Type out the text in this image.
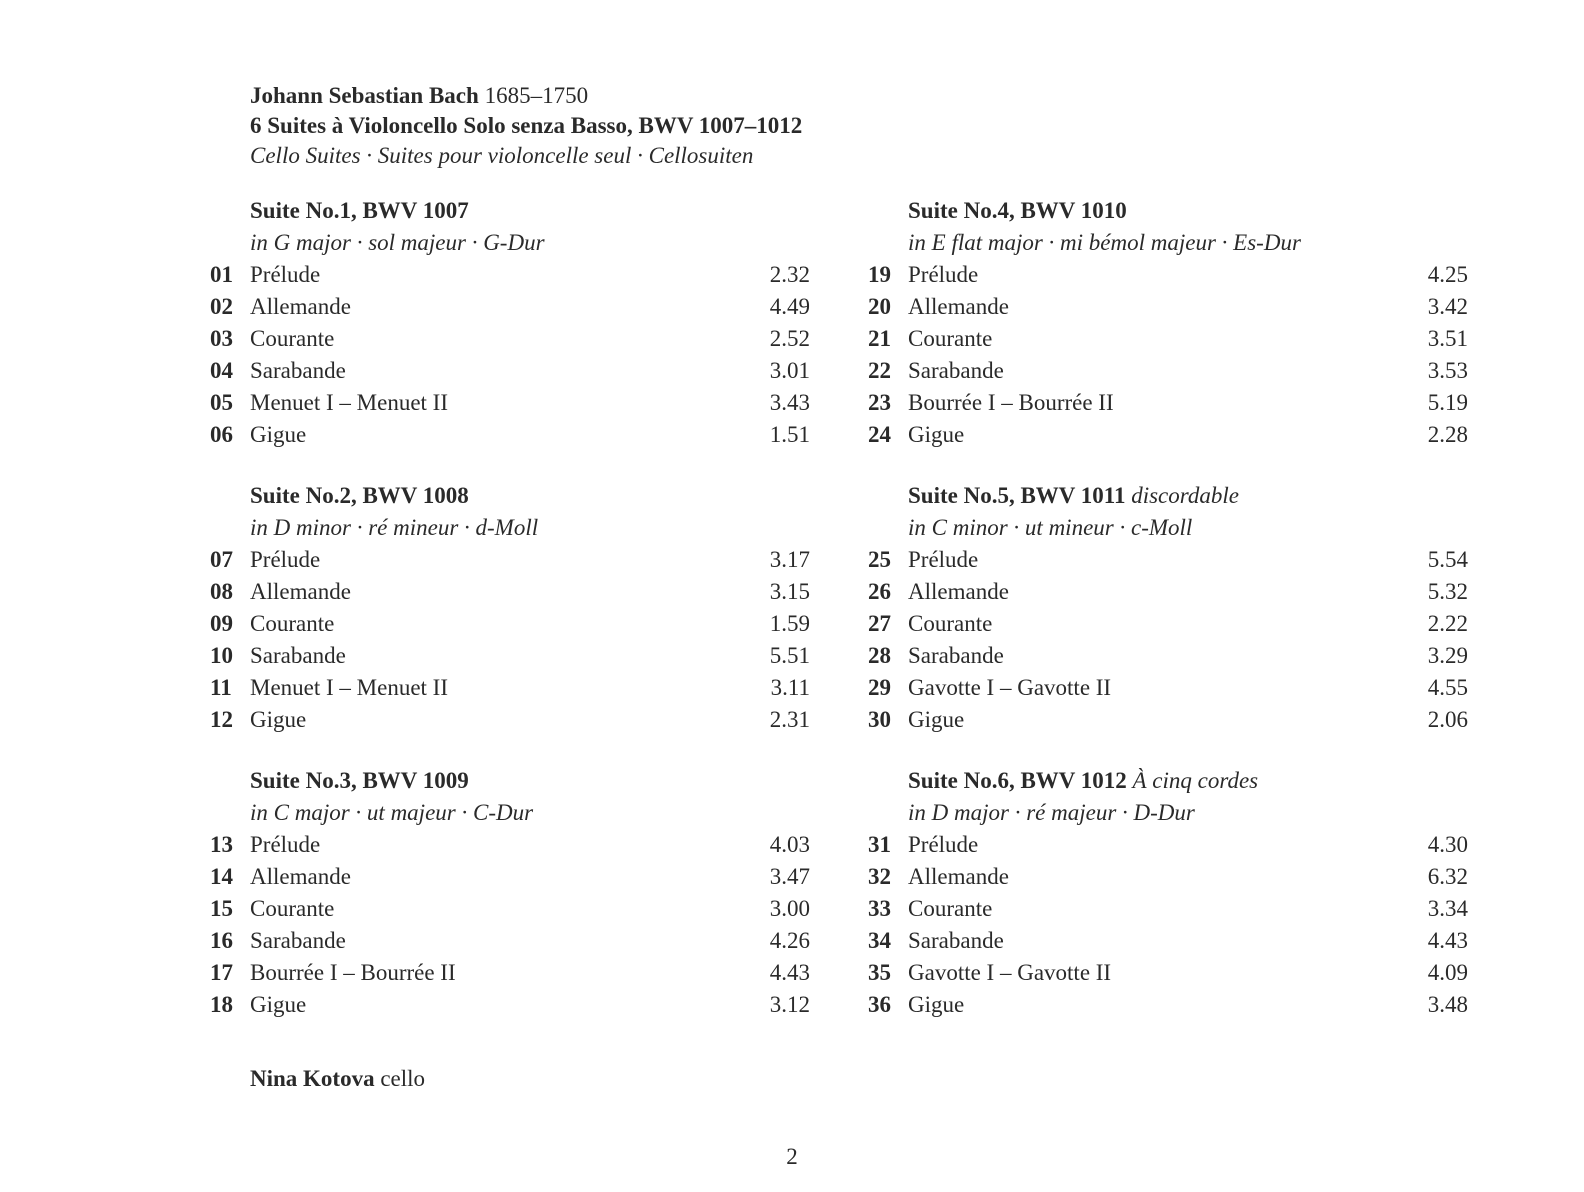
Johann Sebastian Bach 1685–1750
6 Suites à Violoncello Solo senza Basso, BWV 1007–1012
Cello Suites · Suites pour violoncelle seul · Cellosuiten
Suite No.1, BWV 1007
in G major · sol majeur · G-Dur
01 Prélude	2.32
02 Allemande	4.49
03 Courante	2.52
04 Sarabande	3.01
05 Menuet I – Menuet II	3.43
06 Gigue	1.51
Suite No.2, BWV 1008
in D minor · ré mineur · d-Moll
07 Prélude	3.17
08 Allemande	3.15
09 Courante	1.59
10 Sarabande	5.51
11 Menuet I – Menuet II	3.11
12 Gigue	2.31
Suite No.3, BWV 1009
in C major · ut majeur · C-Dur
13 Prélude	4.03
14 Allemande	3.47
15 Courante	3.00
16 Sarabande	4.26
17 Bourrée I – Bourrée II	4.43
18 Gigue	3.12
Suite No.4, BWV 1010
in E flat major · mi bémol majeur · Es-Dur
19 Prélude	4.25
20 Allemande	3.42
21 Courante	3.51
22 Sarabande	3.53
23 Bourrée I – Bourrée II	5.19
24 Gigue	2.28
Suite No.5, BWV 1011 discordable
in C minor · ut mineur · c-Moll
25 Prélude	5.54
26 Allemande	5.32
27 Courante	2.22
28 Sarabande	3.29
29 Gavotte I – Gavotte II	4.55
30 Gigue	2.06
Suite No.6, BWV 1012 À cinq cordes
in D major · ré majeur · D-Dur
31 Prélude	4.30
32 Allemande	6.32
33 Courante	3.34
34 Sarabande	4.43
35 Gavotte I – Gavotte II	4.09
36 Gigue	3.48
Nina Kotova cello
2
